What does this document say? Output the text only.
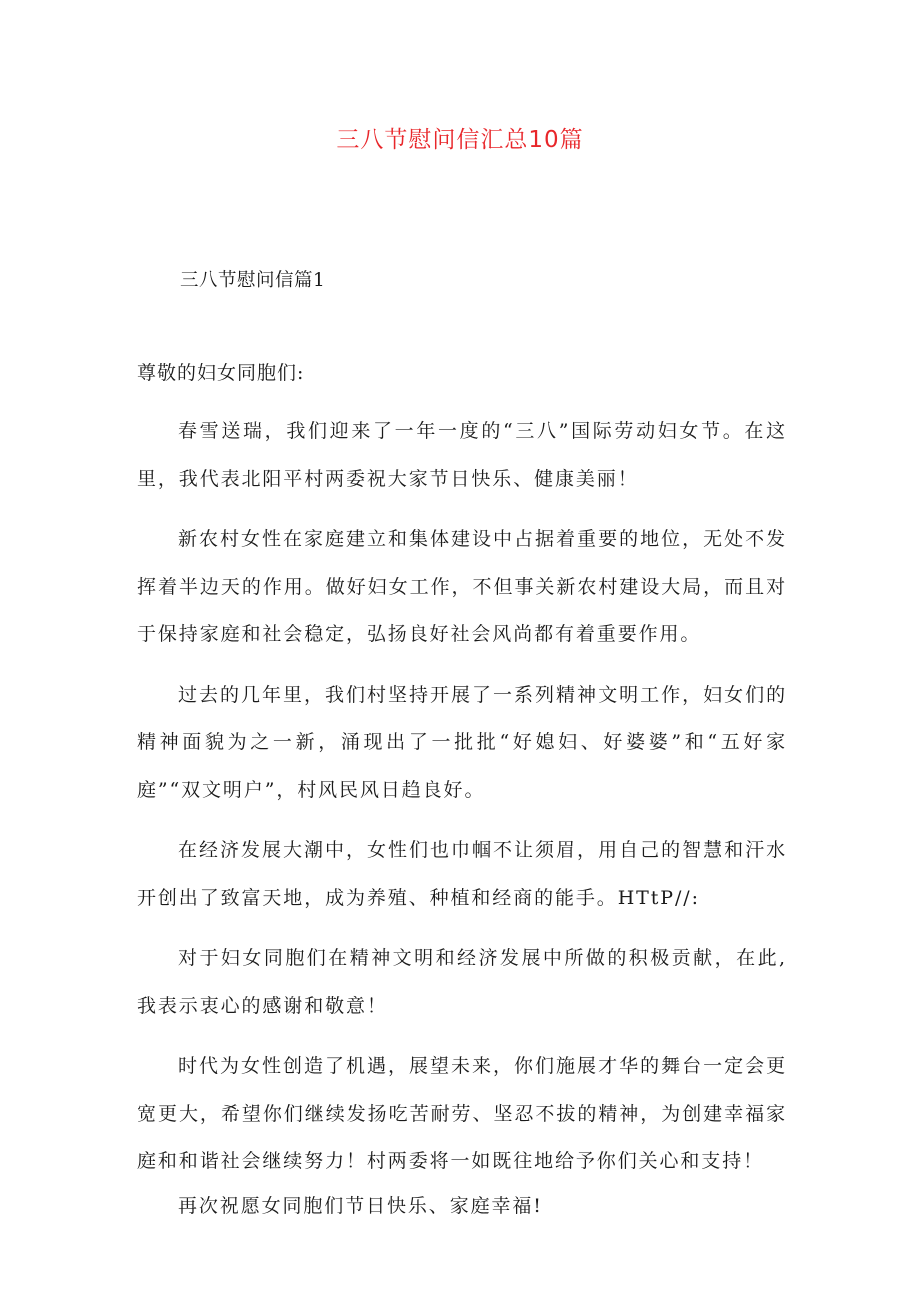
三八节慰问信汇总10篇
三八节慰问信篇1
尊敬的妇女同胞们:

春雪送瑞，我们迎来了一年一度的“三八”国际劳动妇女节。在这里，我代表北阳平村两委祝大家节日快乐、健康美丽！

新农村女性在家庭建立和集体建设中占据着重要的地位，无处不发挥着半边天的作用。做好妇女工作，不但事关新农村建设大局，而且对于保持家庭和社会稳定，弘扬良好社会风尚都有着重要作用。

过去的几年里，我们村坚持开展了一系列精神文明工作，妇女们的精神面貌为之一新，涌现出了一批批“好媳妇、好婆婆”和“五好家庭”“双文明户”，村风民风日趋良好。

在经济发展大潮中，女性们也巾帼不让须眉，用自己的智慧和汗水开创出了致富天地，成为养殖、种植和经商的能手。HTtP//:

对于妇女同胞们在精神文明和经济发展中所做的积极贡献，在此,我表示衷心的感谢和敬意！

时代为女性创造了机遇，展望未来，你们施展才华的舞台一定会更宽更大，希望你们继续发扬吃苦耐劳、坚忍不拔的精神，为创建幸福家庭和和谐社会继续努力！村两委将一如既往地给予你们关心和支持！

再次祝愿女同胞们节日快乐、家庭幸福!
